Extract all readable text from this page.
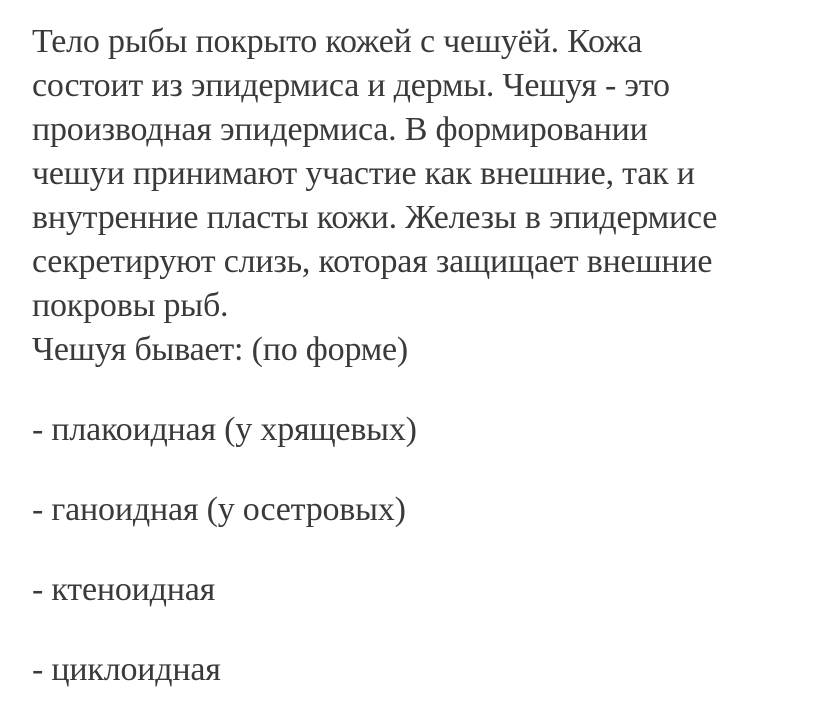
Тело рыбы покрыто кожей с чешуёй. Кожа
состоит из эпидермиса и дермы. Чешуя - это
производная эпидермиса. В формировании
чешуи принимают участие как внешние, так и
внутренние пласты кожи. Железы в эпидермисе
секретируют слизь, которая защищает внешние
покровы рыб.
Чешуя бывает: (по форме)
- плакоидная (у хрящевых)
- ганоидная (у осетровых)
- ктеноидная
- циклоидная
